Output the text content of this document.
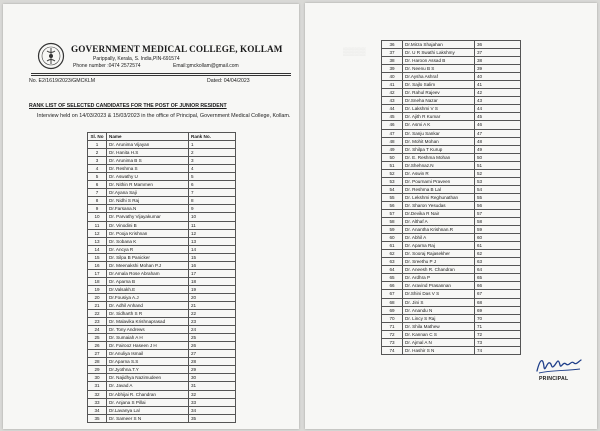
GOVERNMENT MEDICAL COLLEGE, KOLLAM
Parippally, Kerala, S. India,PIN-691574
Phone number :0474 2572574	Email:gmckollam@gmail.com
No. E2/1619/2023/GMCKLM	Dated: 04/04/2023
RANK LIST OF SELECTED CANDIDATES FOR THE POST OF JUNIOR RESIDENT
Interview held on 14/03/2023 & 15/03/2023 in the office of Principal, Government Medical College, Kollam.
Sl. No	Name	Rank No.
1	Dr. Arunima Vijayan	1
2	Dr. Hanita H.S	2
3	Dr. Arunima B S	3
4	Dr. Reshma S	4
5	Dr. Aswathy U	5
6	Dr. Nithin R Mammen	6
7	Dr.Ayana Saji	7
8	Dr. Nidhi S Raj	8
9	Dr.Farsana.N	9
10	Dr. Parvathy Vijayakumar	10
11	Dr. Vinodini B	11
12	Dr. Pooja Krishnan	12
13	Dr. Sobana K	13
14	Dr. Ancya R	14
15	Dr. Silpa B Panicker	15
16	Dr. Meenakshi Mohan P.J	16
17	Dr.Amala Rose Abraham	17
18	Dr. Aparna B	18
19	Dr.Valsakh.E	19
20	Dr.Fousiya A.J	20
21	Dr. Adhil Anhand	21
22	Dr. Sidharth S R	22
23	Dr. Malavika Krishnaprasad	23
24	Dr. Tony Andrews	24
25	Dr. Sumaiah A H	25
26	Dr. Fairooz Haseen J H	26
27	Dr.Anuliya Ismail	27
28	Dr.Aparna S.S	28
29	Dr.Jyothna.T.Y	29
30	Dr. Najidhya Nazimudeen	30
31	Dr. Javad A	31
32	Dr.Abhijai R. Chandran	32
33	Dr. Anjana S Pillai	33
34	Dr.Lavanya Lal	34
35	Dr. Sameer S N	35
▒▒▒▒
36	Dr.Mirza Shajahan	36
37	Dr. U R Swathi Lakshmy	37
38	Dr. Haroon Assad B	38
39	Dr. Neenu B S	39
40	Dr.Aysha Ashraf	40
41	Dr. Sajlo Salim	41
42	Dr. Rahul Rajeev	42
43	Dr.Sneha Nazar	43
44	Dr. Lakshmi V S	44
45	Dr. Ajith R Kumar	45
46	Dr. Asmi A K	46
47	Dr. Sanju Sankar	47
48	Dr. Mohit Mohan	48
49	Dr. Shilpa T Kurup	49
50	Dr. E. Reshma Mohan	50
51	Dr.Shehnaz.N	51
52	Dr. Aswin R	52
53	Dr. Pournami Praveen	53
54	Dr. Reshma B Lal	54
55	Dr. Lekshmi Reghunathan	55
56	Dr. Sharon Yesudas	56
57	Dr.Devika R Nair	57
58	Dr. Althaf A	58
59	Dr. Anantha Krishnan.R	59
60	Dr. Abhil A	60
61	Dr. Aparna Raj	61
62	Dr. Sooraj Rajasekher	62
63	Dr. Sreethu P J	63
64	Dr. Aneesh R. Chandran	64
65	Dr. Ardhra P	65
66	Dr. Aravind Prasannan	66
67	Dr.Shini Das V S	67
68	Dr. Jini S	68
69	Dr. Anandu N	69
70	Dr. Lincy S Raj	70
71	Dr. Shila Mathew	71
72	Dr. Kannan C S	72
73	Dr. Ajmal A N	73
74	Dr. Hashir S N	74
PRINCIPAL
